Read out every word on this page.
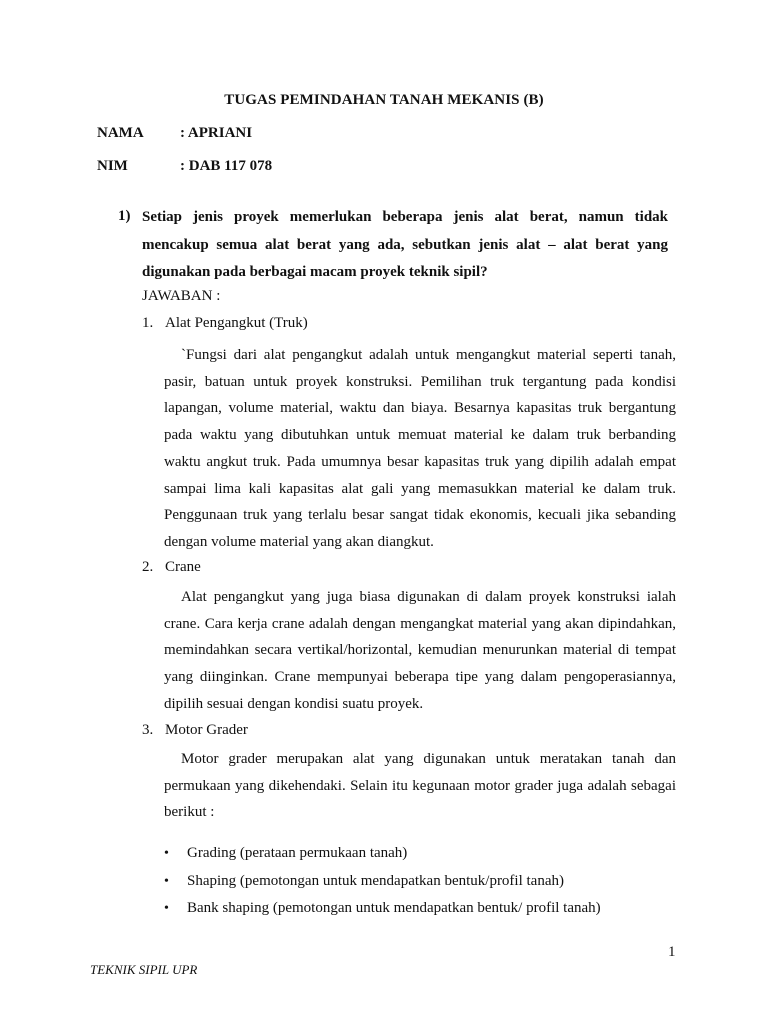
TUGAS PEMINDAHAN TANAH MEKANIS (B)
NAMA : APRIANI
NIM	: DAB 117 078
1) Setiap jenis proyek memerlukan beberapa jenis alat berat, namun tidak mencakup semua alat berat yang ada, sebutkan jenis alat – alat berat yang digunakan pada berbagai macam proyek teknik sipil?
JAWABAN :
1. Alat Pengangkut (Truk)
`Fungsi dari alat pengangkut adalah untuk mengangkut material seperti tanah, pasir, batuan untuk proyek konstruksi. Pemilihan truk tergantung pada kondisi lapangan, volume material, waktu dan biaya. Besarnya kapasitas truk bergantung pada waktu yang dibutuhkan untuk memuat material ke dalam truk berbanding waktu angkut truk. Pada umumnya besar kapasitas truk yang dipilih adalah empat sampai lima kali kapasitas alat gali yang memasukkan material ke dalam truk. Penggunaan truk yang terlalu besar sangat tidak ekonomis, kecuali jika sebanding dengan volume material yang akan diangkut.
2. Crane
Alat pengangkut yang juga biasa digunakan di dalam proyek konstruksi ialah crane. Cara kerja crane adalah dengan mengangkat material yang akan dipindahkan, memindahkan secara vertikal/horizontal, kemudian menurunkan material di tempat yang diinginkan. Crane mempunyai beberapa tipe yang dalam pengoperasiannya, dipilih sesuai dengan kondisi suatu proyek.
3. Motor Grader
Motor grader merupakan alat yang digunakan untuk meratakan tanah dan permukaan yang dikehendaki. Selain itu kegunaan motor grader juga adalah sebagai berikut :
• Grading (perataan permukaan tanah)
• Shaping (pemotongan untuk mendapatkan bentuk/profil tanah)
• Bank shaping (pemotongan untuk mendapatkan bentuk/ profil tanah)
1
TEKNIK SIPIL UPR
